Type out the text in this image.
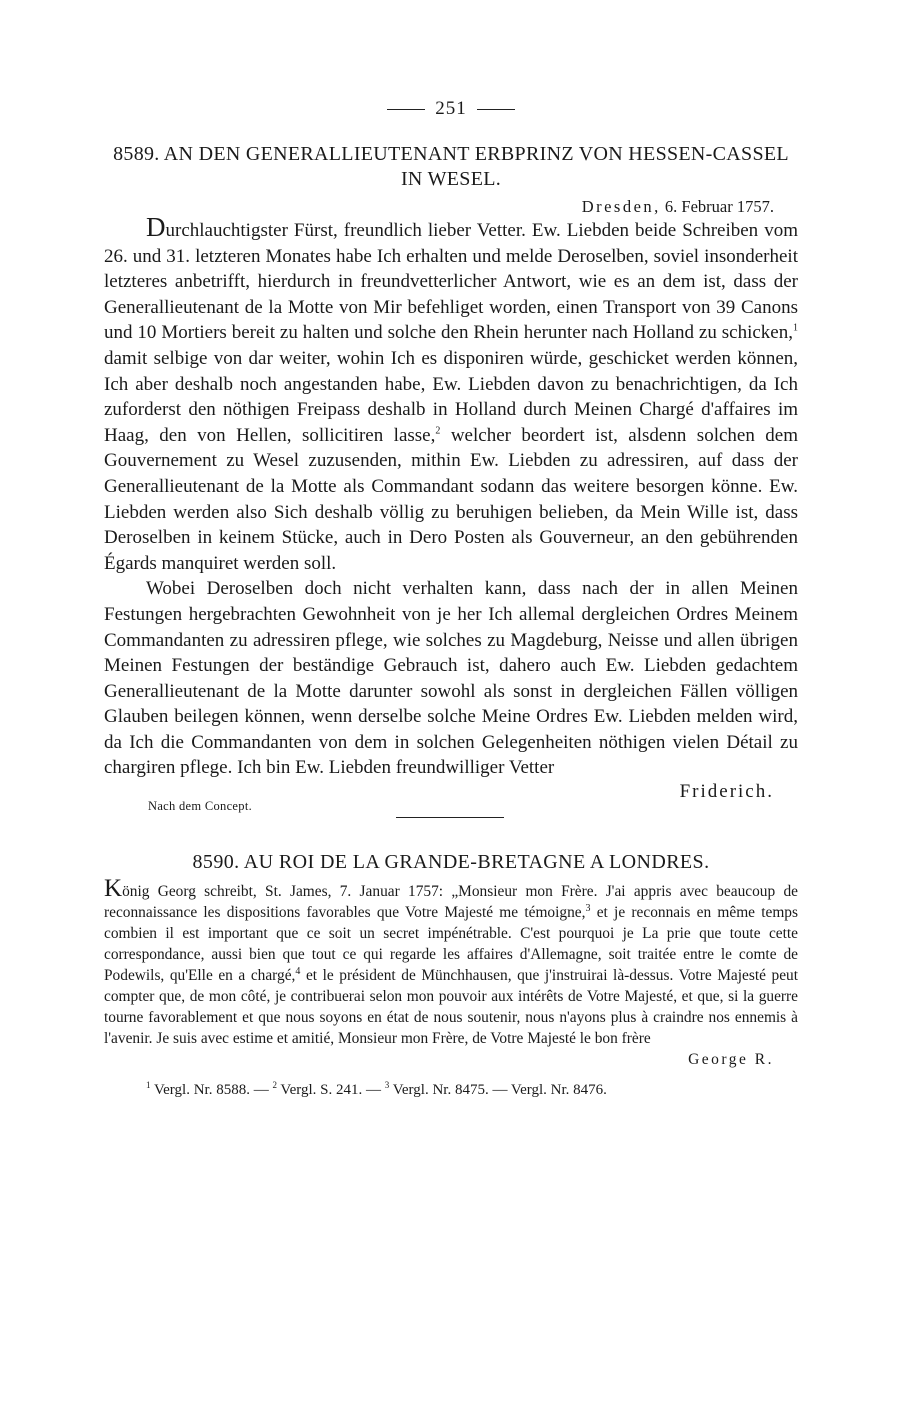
251
8589. AN DEN GENERALLIEUTENANT ERBPRINZ VON HESSEN-CASSEL IN WESEL.
Dresden, 6. Februar 1757.
Durchlauchtigster Fürst, freundlich lieber Vetter. Ew. Liebden beide Schreiben vom 26. und 31. letzteren Monates habe Ich erhalten und melde Deroselben, soviel insonderheit letzteres anbetrifft, hierdurch in freundvetterlicher Antwort, wie es an dem ist, dass der Generallieutenant de la Motte von Mir befehliget worden, einen Transport von 39 Canons und 10 Mortiers bereit zu halten und solche den Rhein herunter nach Holland zu schicken,$^1$ damit selbige von dar weiter, wohin Ich es disponiren würde, geschicket werden können, Ich aber deshalb noch angestanden habe, Ew. Liebden davon zu benachrichtigen, da Ich zuforderst den nöthigen Freipass deshalb in Holland durch Meinen Chargé d'affaires im Haag, den von Hellen, sollicitiren lasse,$^2$ welcher beordert ist, alsdenn solchen dem Gouvernement zu Wesel zuzusenden, mithin Ew. Liebden zu adressiren, auf dass der Generallieutenant de la Motte als Commandant sodann das weitere besorgen könne. Ew. Liebden werden also Sich deshalb völlig zu beruhigen belieben, da Mein Wille ist, dass Deroselben in keinem Stücke, auch in Dero Posten als Gouverneur, an den gebührenden Égards manquiret werden soll.
Wobei Deroselben doch nicht verhalten kann, dass nach der in allen Meinen Festungen hergebrachten Gewohnheit von je her Ich allemal dergleichen Ordres Meinem Commandanten zu adressiren pflege, wie solches zu Magdeburg, Neisse und allen übrigen Meinen Festungen der beständige Gebrauch ist, dahero auch Ew. Liebden gedachtem Generallieutenant de la Motte darunter sowohl als sonst in dergleichen Fällen völligen Glauben beilegen können, wenn derselbe solche Meine Ordres Ew. Liebden melden wird, da Ich die Commandanten von dem in solchen Gelegenheiten nöthigen vielen Détail zu chargiren pflege. Ich bin Ew. Liebden freundwilliger Vetter
Nach dem Concept.
Friderich.
8590. AU ROI DE LA GRANDE-BRETAGNE A LONDRES.
König Georg schreibt, St. James, 7. Januar 1757: „Monsieur mon Frère. J'ai appris avec beaucoup de reconnaissance les dispositions favorables que Votre Majesté me témoigne,$^3$ et je reconnais en même temps combien il est important que ce soit un secret impénétrable. C'est pourquoi je La prie que toute cette correspondance, aussi bien que tout ce qui regarde les affaires d'Allemagne, soit traitée entre le comte de Podewils, qu'Elle en a chargé,$^4$ et le président de Münchhausen, que j'instruirai là-dessus. Votre Majesté peut compter que, de mon côté, je contribuerai selon mon pouvoir aux intérêts de Votre Majesté, et que, si la guerre tourne favorablement et que nous soyons en état de nous soutenir, nous n'ayons plus à craindre nos ennemis à l'avenir. Je suis avec estime et amitié, Monsieur mon Frère, de Votre Majesté le bon frère
George R.
$^1$ Vergl. Nr. 8588. — $^2$ Vergl. S. 241. — $^3$ Vergl. Nr. 8475. — Vergl. Nr. 8476.
